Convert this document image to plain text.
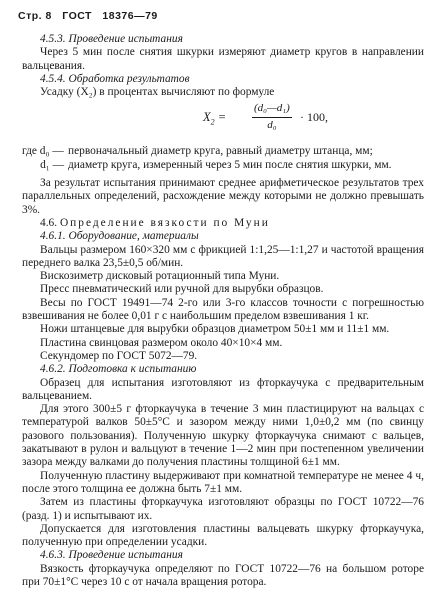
Стр. 8 ГОСТ 18376—79

4.5.3. Проведение испытания

Через 5 мин после снятия шкурки измеряют диаметр кругов в направлении вальцевания.

4.5.4. Обработка результатов

Усадку (X₂) в процентах вычисляют по формуле

$X_2 = \frac{\text{(d₀—d₁)}}{\text{d₀}} \cdot 100$,
где d₀ — первоначальный диаметр круга, равный диаметру штанца, мм;
d₁ — диаметр круга, измеренный через 5 мин после снятия шкурки, мм.

За результат испытания принимают среднее арифметическое результатов трех параллельных определений, расхождение между которыми не должно превышать 3%.

4.6. Определение вязкости по Муни

4.6.1. Оборудование, материалы

Вальцы размером 160×320 мм с фрикцией 1:1,25—1:1,27 и частотой вращения переднего валка 23,5±0,5 об/мин.

Вискозиметр дисковый ротационный типа Муни.

Пресс пневматический или ручной для вырубки образцов.

Весы по ГОСТ 19491—74 2-го или 3-го классов точности с погрешностью взвешивания не более 0,01 г с наибольшим пределом взвешивания 1 кг.

Ножи штанцевые для вырубки образцов диаметром 50±1 мм и 11±1 мм.

Пластина свинцовая размером около 40×10×4 мм.

Секундомер по ГОСТ 5072—79.

4.6.2. Подготовка к испытанию

Образец для испытания изготовляют из фторкаучука с предварительным вальцеванием.

Для этого 300±5 г фторкаучука в течение 3 мин пластицируют на вальцах с температурой валков 50±5°С и зазором между ними 1,0±0,2 мм (по свинцу разового пользования). Полученную шкурку фторкаучука снимают с вальцев, закатывают в рулон и вальцуют в течение 1—2 мин при постепенном увеличении зазора между валками до получения пластины толщиной 6±1 мм.

Полученную пластину выдерживают при комнатной температуре не менее 4 ч, после этого толщина ее должна быть 7±1 мм.

Затем из пластины фторкаучука изготовляют образцы по ГОСТ 10722—76 (разд. 1) и испытывают их.

Допускается для изготовления пластины вальцевать шкурку фторкаучука, полученную при определении усадки.

4.6.3. Проведение испытания

Вязкость фторкаучука определяют по ГОСТ 10722—76 на большом роторе при 70±1°С через 10 с от начала вращения ротора.
